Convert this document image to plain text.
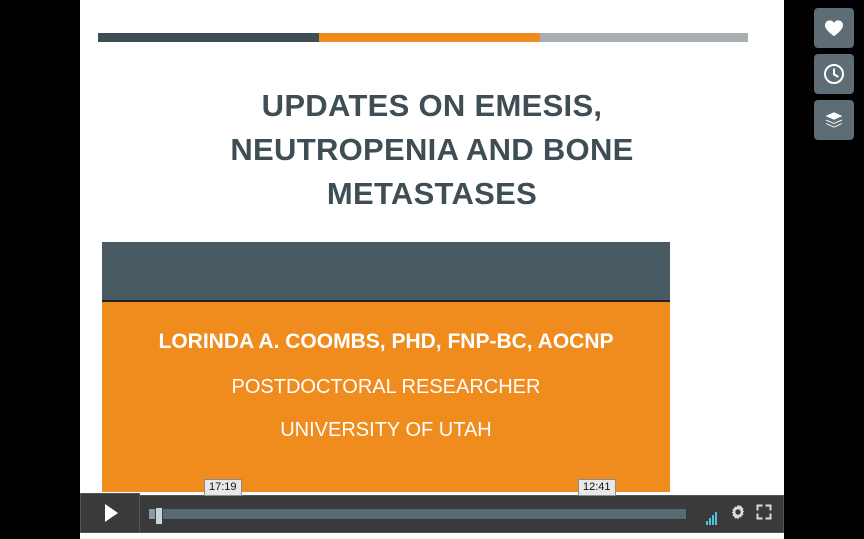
UPDATES ON EMESIS,
NEUTROPENIA AND BONE
METASTASES
LORINDA A. COOMBS, PHD, FNP-BC, AOCNP
POSTDOCTORAL RESEARCHER
UNIVERSITY OF UTAH
17:19	12:41
